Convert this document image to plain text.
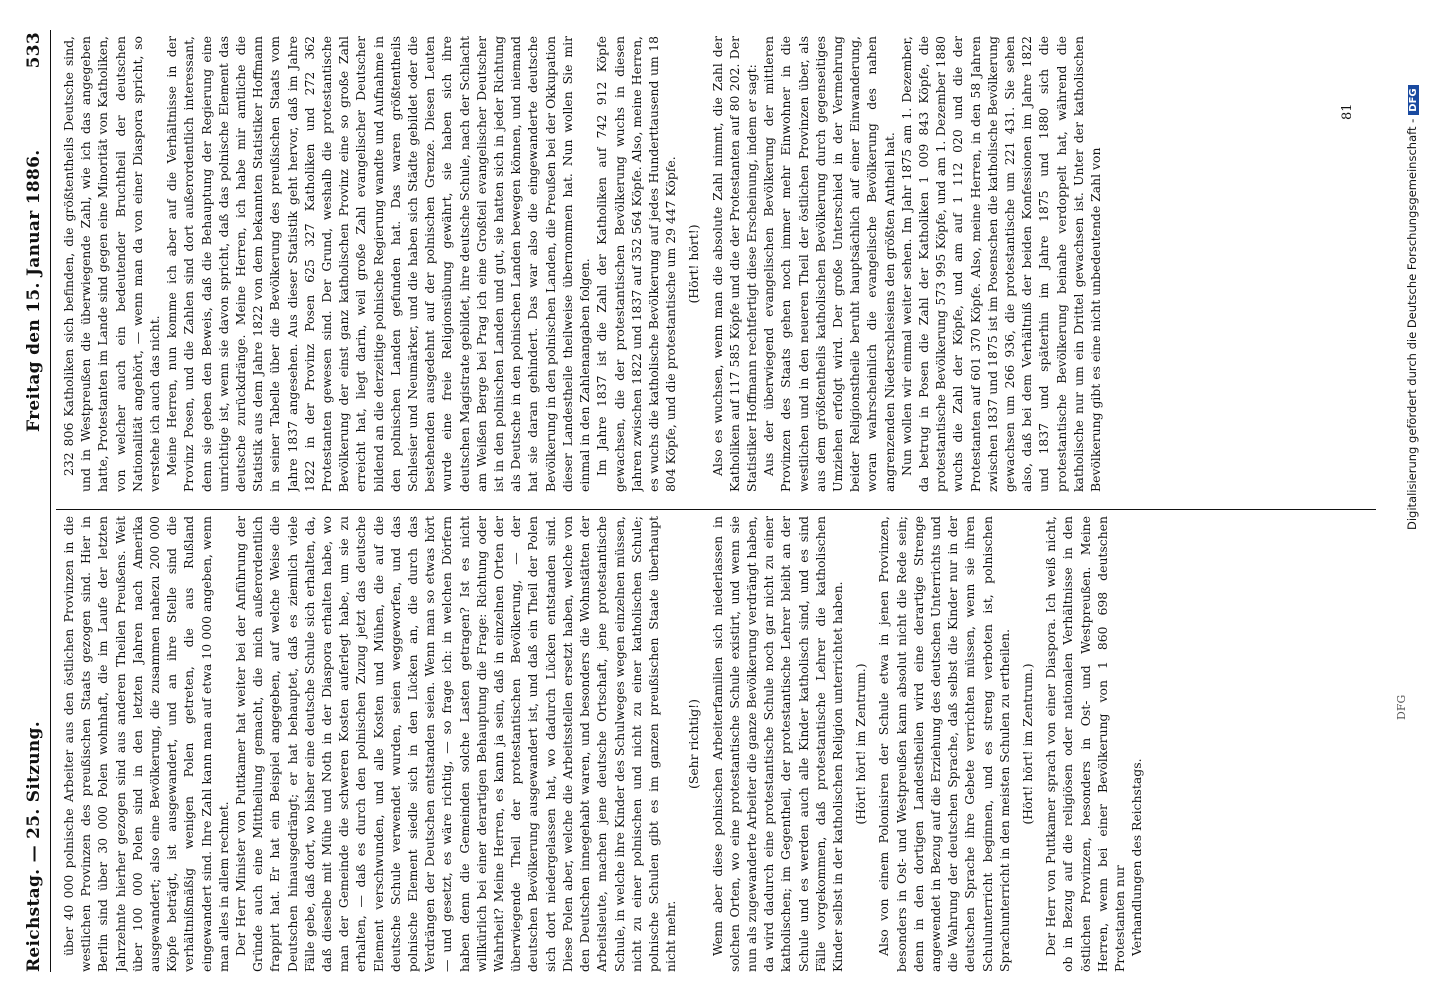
Reichstag. — 25. Sitzung.
Freitag den 15. Januar 1886.
533

über 40 000 polnische Arbeiter aus den östlichen Provinzen in die westlichen Provinzen des preußischen Staats gezogen sind. Hier in Berlin sind über 30 000 Polen wohnhaft, die im Laufe der letzten Jahrzehnte hierher gezogen sind aus anderen Theilen Preußens. Weit über 100 000 Polen sind in den letzten Jahren nach Amerika ausgewandert; also eine Bevölkerung, die zusammen nahezu 200 000 Köpfe beträgt, ist ausgewandert, und an ihre Stelle sind die verhältnißmäßig wenigen Polen getreten, die aus Rußland eingewandert sind. Ihre Zahl kann man auf etwa 10 000 angeben, wenn man alles in allem rechnet. Der Herr Minister von Puttkamer hat weiter bei der Anführung der Gründe auch eine Mittheilung gemacht, die mich außerordentlich frappirt hat. Er hat ein Beispiel angegeben, auf welche Weise die Deutschen hinausgedrängt; er hat behauptet, daß es ziemlich viele Fälle gebe, daß dort, wo bisher eine deutsche Schule sich erhalten, da, daß dieselbe mit Mühe und Noth in der Diaspora erhalten habe, wo man der Gemeinde die schweren Kosten auferlegt habe, um sie zu erhalten, — daß es durch den polnischen Zuzug jetzt das deutsche Element verschwunden, und alle Kosten und Mühen, die auf die deutsche Schule verwendet wurden, seien weggeworfen, und das polnische Element siedle sich in den Lücken an, die durch das Verdrängen der Deutschen entstanden seien. Wenn man so etwas hört — und gesetzt, es wäre richtig, — so frage ich: in welchen Dörfern haben denn die Gemeinden solche Lasten getragen? Ist es nicht willkürlich bei einer derartigen Behauptung die Frage: Richtung oder Wahrheit? Meine Herren, es kann ja sein, daß in einzelnen Orten der überwiegende Theil der protestantischen Bevölkerung, — der deutschen Bevölkerung ausgewandert ist, und daß ein Theil der Polen sich dort niedergelassen hat, wo dadurch Lücken entstanden sind. Diese Polen aber, welche die Arbeitsstellen ersetzt haben, welche von den Deutschen innegehabt waren, und besonders die Wohnstätten der Arbeitsleute, machen jene deutsche Ortschaft, jene protestantische Schule, in welche ihre Kinder des Schulweges wegen einzelnen müssen, nicht zu einer polnischen und nicht zu einer katholischen Schule; polnische Schulen gibt es im ganzen preußischen Staate überhaupt nicht mehr.

(Sehr richtig!) Wenn aber diese polnischen Arbeiterfamilien sich niederlassen in solchen Orten, wo eine protestantische Schule existirt, und wenn sie nun als zugewanderte Arbeiter die ganze Bevölkerung verdrängt haben, da wird dadurch eine protestantische Schule noch gar nicht zu einer katholischen; im Gegentheil, der protestantische Lehrer bleibt an der Schule und es werden auch alle Kinder katholisch sind, und es sind Fälle vorgekommen, daß protestantische Lehrer die katholischen Kinder selbst in der katholischen Religion unterrichtet haben. (Hört! hört! im Zentrum.) Also von einem Polonisiren der Schule etwa in jenen Provinzen, besonders in Ost- und Westpreußen kann absolut nicht die Rede sein; denn in den dortigen Landestheilen wird eine derartige Strenge angewendet in Bezug auf die Erziehung des deutschen Unterrichts und die Wahrung der deutschen Sprache, daß selbst die Kinder nur in der deutschen Sprache ihre Gebete verrichten müssen, wenn sie ihren Schulunterricht beginnen, und es streng verboten ist, polnischen Sprachunterricht in den meisten Schulen zu ertheilen. (Hört! hört! im Zentrum.) Der Herr von Puttkamer sprach von einer Diaspora. Ich weiß nicht, ob in Bezug auf die religiösen oder nationalen Verhältnisse in den östlichen Provinzen, besonders in Ost- und Westpreußen. Meine Herren, wenn bei einer Bevölkerung von 1 860 698 deutschen Protestanten nur Verhandlungen des Reichstags.

232 806 Katholiken sich befinden, die größtentheils Deutsche sind, und in Westpreußen die überwiegende Zahl, wie ich das angegeben hatte, Protestanten im Lande sind gegen eine Minorität von Katholiken, von welcher auch ein bedeutender Bruchtheil der deutschen Nationalität angehört, — wenn man da von einer Diaspora spricht, so verstehe ich auch das nicht. Meine Herren, nun komme ich aber auf die Verhältnisse in der Provinz Posen, und die Zahlen sind dort außerordentlich interessant, denn sie geben den Beweis, daß die Behauptung der Regierung eine unrichtige ist, wenn sie davon spricht, daß das polnische Element das deutsche zurückdränge. Meine Herren, ich habe mir amtliche die Statistik aus dem Jahre 1822 von dem bekannten Statistiker Hoffmann in seiner Tabelle über die Bevölkerung des preußischen Staats vom Jahre 1837 angesehen. Aus dieser Statistik geht hervor, daß im Jahre 1822 in der Provinz Posen 625 327 Katholiken und 272 362 Protestanten gewesen sind. Der Grund, weshalb die protestantische Bevölkerung der einst ganz katholischen Provinz eine so große Zahl erreicht hat, liegt darin, weil große Zahl evangelischer Deutscher bildend an die derzeitige polnische Regierung wandte und Aufnahme in den polnischen Landen gefunden hat. Das waren größtentheils Schlesier und Neumärker, und die haben sich Städte gebildet oder die bestehenden ausgedehnt auf der polnischen Grenze. Diesen Leuten wurde eine freie Religionsübung gewährt, sie haben sich ihre deutschen Magistrate gebildet, ihre deutsche Schule, nach der Schlacht am Weißen Berge bei Prag ich eine Großteil evangelischer Deutscher ist in den polnischen Landen und gut, sie hatten sich in jeder Richtung als Deutsche in den polnischen Landen bewegen können, und niemand hat sie daran gehindert. Das war also die eingewanderte deutsche Bevölkerung in den polnischen Landen, die Preußen bei der Okkupation dieser Landestheile theilweise übernommen hat. Nun wollen Sie mir einmal in den Zahlenangaben folgen. Im Jahre 1837 ist die Zahl der Katholiken auf 742 912 Köpfe gewachsen, die der protestantischen Bevölkerung wuchs in diesen Jahren zwischen 1822 und 1837 auf 352 564 Köpfe. Also, meine Herren, es wuchs die katholische Bevölkerung auf jedes Hunderttausend um 18 804 Köpfe, und die protestantische um 29 447 Köpfe. (Hört! hört!) Also es wuchsen, wenn man die absolute Zahl nimmt, die Zahl der Katholiken auf 117 585 Köpfe und die der Protestanten auf 80 202. Der Statistiker Hoffmann rechtfertigt diese Erscheinung, indem er sagt: Aus der überwiegend evangelischen Bevölkerung der mittleren Provinzen des Staats gehen noch immer mehr Einwohner in die westlichen und in den neueren Theil der östlichen Provinzen über, als aus dem größtentheils katholischen Bevölkerung durch gegenseitiges Umziehen erfolgt wird. Der große Unterschied in der Vermehrung beider Religionstheile beruht hauptsächlich auf einer Einwanderung, woran wahrscheinlich die evangelische Bevölkerung des nahen angrenzenden Niederschlesiens den größten Antheil hat. Nun wollen wir einmal weiter sehen. Im Jahr 1875 am 1. Dezember, da betrug in Posen die Zahl der Katholiken 1 009 843 Köpfe, die protestantische Bevölkerung 573 995 Köpfe, und am 1. Dezember 1880 wuchs die Zahl der Köpfe, und am auf 1 112 020 und die der Protestanten auf 601 370 Köpfe. Also, meine Herren, in den 58 Jahren zwischen 1837 und 1875 ist im Posenschen die katholische Bevölkerung gewachsen um 266 936, die protestantische um 221 431. Sie sehen also, daß bei dem Verhältniß der beiden Konfessionen im Jahre 1822 und 1837 und späterhin im Jahre 1875 und 1880 sich die protestantische Bevölkerung beinahe verdoppelt hat, während die katholische nur um ein Drittel gewachsen ist. Unter der katholischen Bevölkerung gibt es eine nicht unbedeutende Zahl von

81
DFG
Digitalisierung gefördert durch die Deutsche Forschungsgemeinschaft -DFG
